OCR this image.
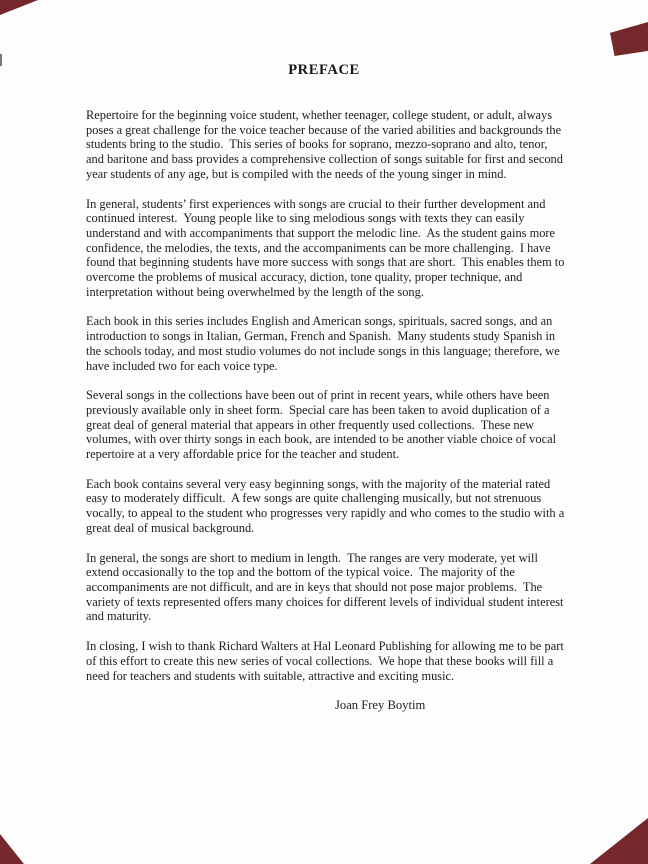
PREFACE

Repertoire for the beginning voice student, whether teenager, college student, or adult, always poses a great challenge for the voice teacher because of the varied abilities and backgrounds the students bring to the studio.  This series of books for soprano, mezzo-soprano and alto, tenor, and baritone and bass provides a comprehensive collection of songs suitable for first and second year students of any age, but is compiled with the needs of the young singer in mind.

In general, students’ first experiences with songs are crucial to their further development and continued interest.  Young people like to sing melodious songs with texts they can easily understand and with accompaniments that support the melodic line.  As the student gains more confidence, the melodies, the texts, and the accompaniments can be more challenging.  I have found that beginning students have more success with songs that are short.  This enables them to overcome the problems of musical accuracy, diction, tone quality, proper technique, and interpretation without being overwhelmed by the length of the song.

Each book in this series includes English and American songs, spirituals, sacred songs, and an introduction to songs in Italian, German, French and Spanish.  Many students study Spanish in the schools today, and most studio volumes do not include songs in this language; therefore, we have included two for each voice type.

Several songs in the collections have been out of print in recent years, while others have been previously available only in sheet form.  Special care has been taken to avoid duplication of a great deal of general material that appears in other frequently used collections.  These new volumes, with over thirty songs in each book, are intended to be another viable choice of vocal repertoire at a very affordable price for the teacher and student.

Each book contains several very easy beginning songs, with the majority of the material rated easy to moderately difficult.  A few songs are quite challenging musically, but not strenuous vocally, to appeal to the student who progresses very rapidly and who comes to the studio with a great deal of musical background.

In general, the songs are short to medium in length.  The ranges are very moderate, yet will extend occasionally to the top and the bottom of the typical voice.  The majority of the accompaniments are not difficult, and are in keys that should not pose major problems.  The variety of texts represented offers many choices for different levels of individual student interest and maturity.

In closing, I wish to thank Richard Walters at Hal Leonard Publishing for allowing me to be part of this effort to create this new series of vocal collections.  We hope that these books will fill a need for teachers and students with suitable, attractive and exciting music.

Joan Frey Boytim
